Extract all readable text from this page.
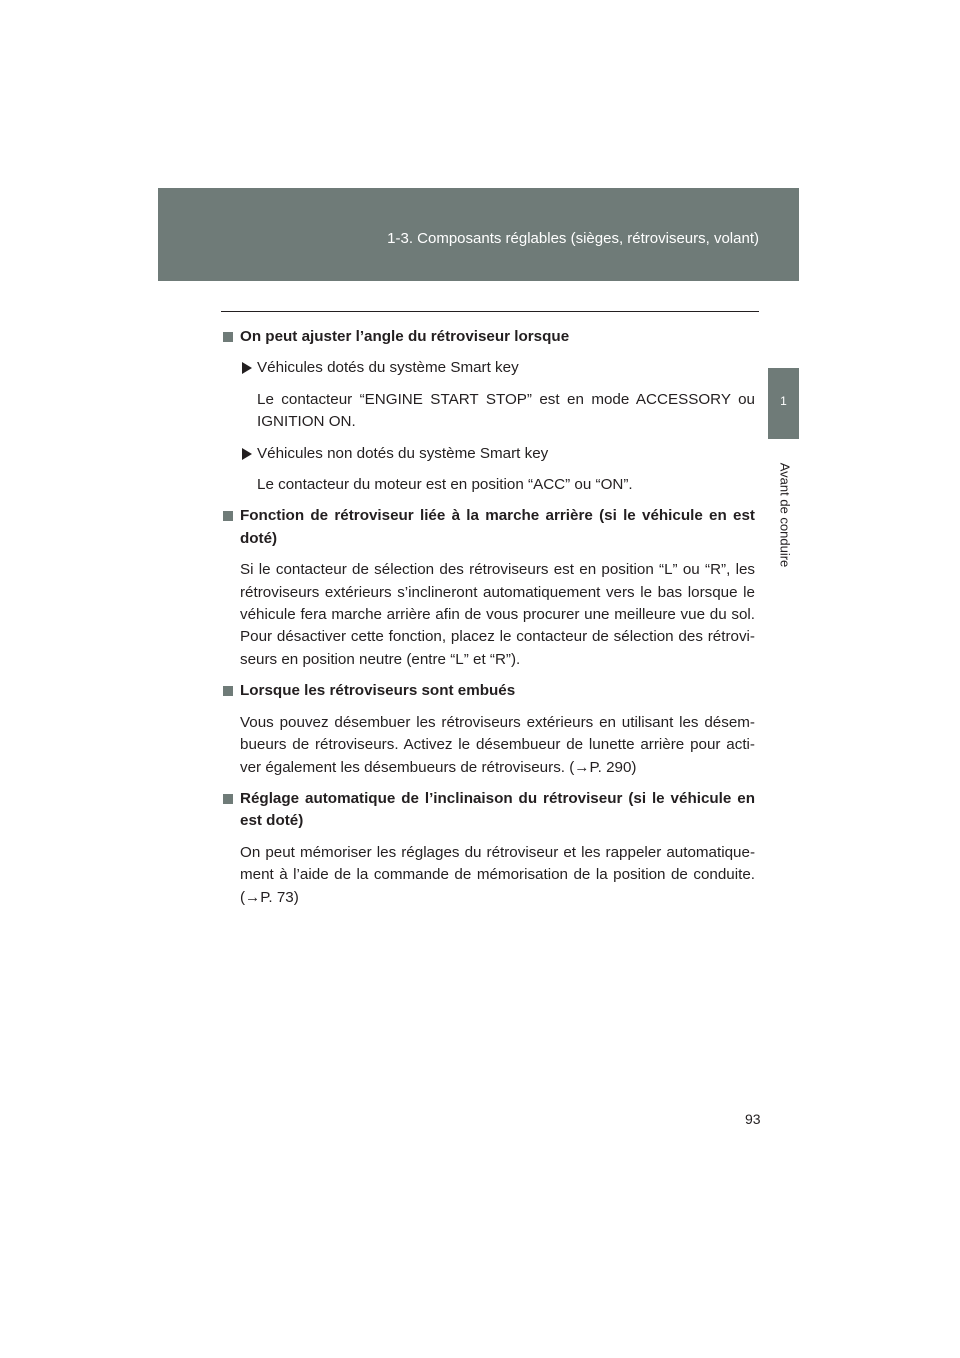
1-3. Composants réglables (sièges, rétroviseurs, volant)
1
Avant de conduire
On peut ajuster l’angle du rétroviseur lorsque
Véhicules dotés du système Smart key
Le contacteur “ENGINE START STOP” est en mode ACCESSORY ou IGNITION ON.
Véhicules non dotés du système Smart key
Le contacteur du moteur est en position “ACC” ou “ON”.
Fonction de rétroviseur liée à la marche arrière (si le véhicule en est doté)
Si le contacteur de sélection des rétroviseurs est en position “L” ou “R”, les rétroviseurs extérieurs s’inclineront automatiquement vers le bas lorsque le véhicule fera marche arrière afin de vous procurer une meilleure vue du sol. Pour désactiver cette fonction, placez le contacteur de sélection des rétrovi-seurs en position neutre (entre “L” et “R”).
Lorsque les rétroviseurs sont embués
Vous pouvez désembuer les rétroviseurs extérieurs en utilisant les désem-bueurs de rétroviseurs. Activez le désembueur de lunette arrière pour acti-ver également les désembueurs de rétroviseurs. (→P. 290)
Réglage automatique de l’inclinaison du rétroviseur (si le véhicule en est doté)
On peut mémoriser les réglages du rétroviseur et les rappeler automatique-ment à l’aide de la commande de mémorisation de la position de conduite. (→P. 73)
93
